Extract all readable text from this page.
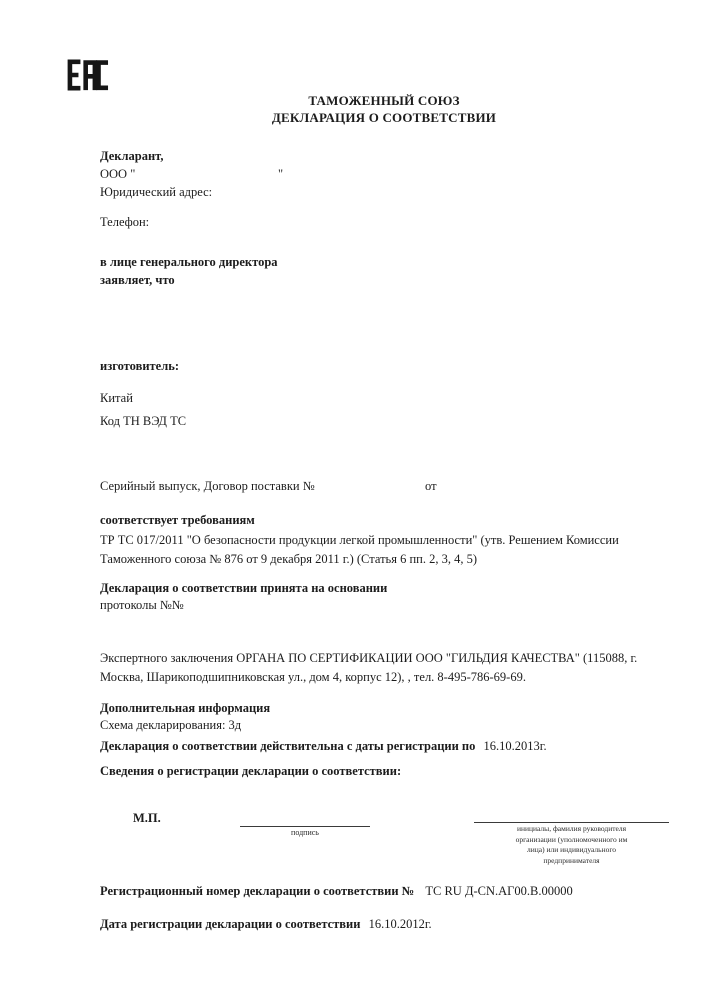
ТАМОЖЕННЫЙ СОЮЗ
ДЕКЛАРАЦИЯ О СООТВЕТСТВИИ
Декларант,
ООО "	"
Юридический адрес:
Телефон:
в лице генерального директора
заявляет, что
изготовитель:
Китай
Код ТН ВЭД ТС
Серийный выпуск, Договор поставки №	от
соответствует требованиям
ТР ТС 017/2011 "О безопасности продукции легкой промышленности" (утв. Решением Комиссии Таможенного союза № 876 от 9 декабря 2011 г.) (Статья 6 пп. 2, 3, 4, 5)
Декларация о соответствии принята на основании
протоколы №№
Экспертного заключения ОРГАНА ПО СЕРТИФИКАЦИИ ООО "ГИЛЬДИЯ КАЧЕСТВА" (115088, г. Москва, Шарикоподшипниковская ул., дом 4, корпус 12), , тел. 8-495-786-69-69.
Дополнительная информация
Схема декларирования: 3д
Декларация о соответствии действительна с даты регистрации по 16.10.2013г.
Сведения о регистрации декларации о соответствии:
М.П.
подпись	инициалы, фамилия руководителя
организации (уполномоченного им
лица) или индивидуального
предпринимателя
Регистрационный номер декларации о соответствии № ТС RU Д-CN.АГ00.В.00000
Дата регистрации декларации о соответствии 16.10.2012г.
